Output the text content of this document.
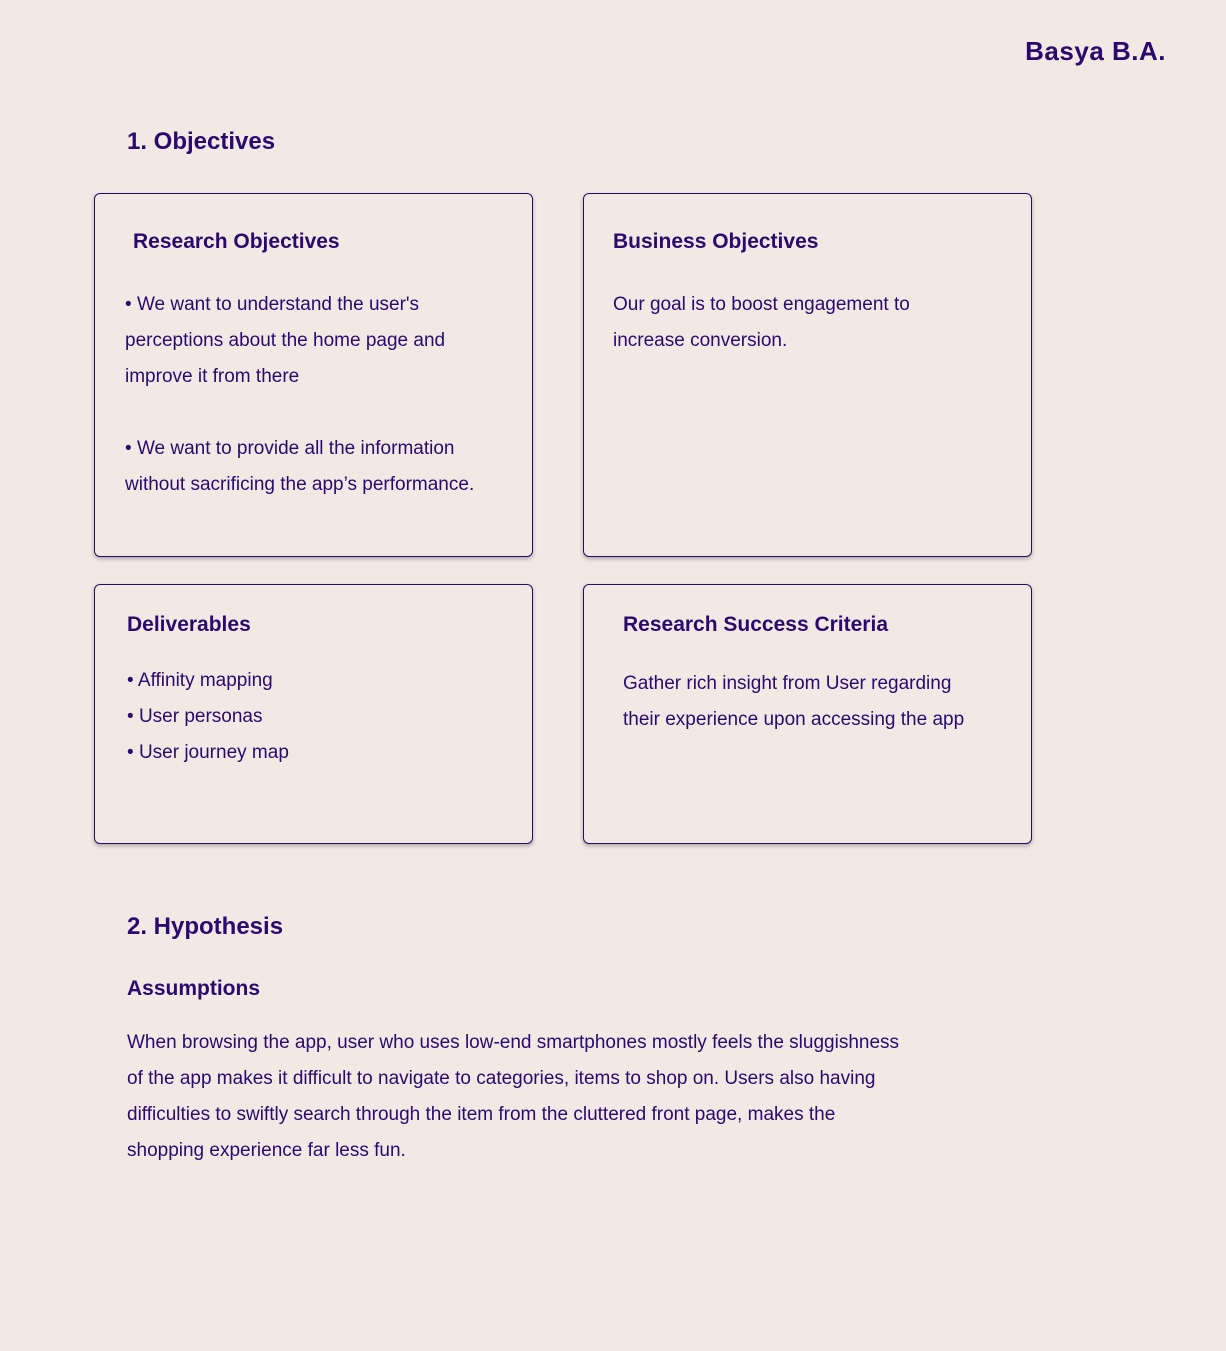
Basya B.A.
1. Objectives
Research Objectives

• We want to understand the user's perceptions about the home page and improve it from there

• We want to provide all the information without sacrificing the app’s performance.

Business Objectives

Our goal is to boost engagement to increase conversion.

Deliverables
• Affinity mapping
• User personas
• User journey map
Research Success Criteria

Gather rich insight from User regarding their experience upon accessing the app

2. Hypothesis
Assumptions

When browsing the app, user who uses low-end smartphones mostly feels the sluggishness of the app makes it difficult to navigate to categories, items to shop on. Users also having difficulties to swiftly search through the item from the cluttered front page, makes the shopping experience far less fun.
